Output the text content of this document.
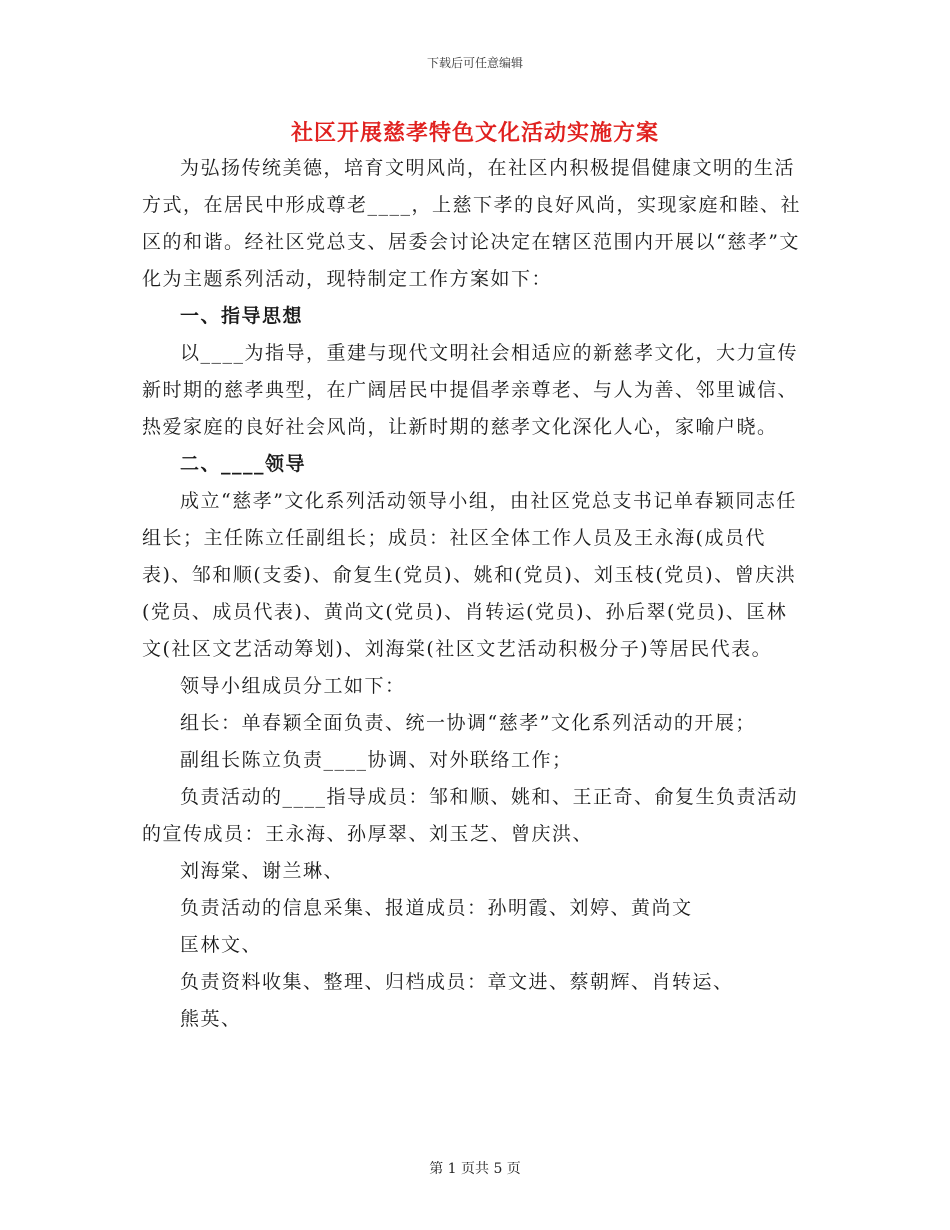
下载后可任意编辑
社区开展慈孝特色文化活动实施方案

为弘扬传统美德，培育文明风尚，在社区内积极提倡健康文明的生活方式，在居民中形成尊老____，上慈下孝的良好风尚，实现家庭和睦、社区的和谐。经社区党总支、居委会讨论决定在辖区范围内开展以“慈孝”文化为主题系列活动，现特制定工作方案如下：

一、指导思想

以____为指导，重建与现代文明社会相适应的新慈孝文化，大力宣传新时期的慈孝典型，在广阔居民中提倡孝亲尊老、与人为善、邻里诚信、热爱家庭的良好社会风尚，让新时期的慈孝文化深化人心，家喻户晓。

二、____领导

成立“慈孝”文化系列活动领导小组，由社区党总支书记单春颖同志任组长；主任陈立任副组长；成员：社区全体工作人员及王永海(成员代表)、邹和顺(支委)、俞复生(党员)、姚和(党员)、刘玉枝(党员)、曾庆洪(党员、成员代表)、黄尚文(党员)、肖转运(党员)、孙后翠(党员)、匡林文(社区文艺活动筹划)、刘海棠(社区文艺活动积极分子)等居民代表。

领导小组成员分工如下：

组长：单春颖全面负责、统一协调“慈孝”文化系列活动的开展；

副组长陈立负责____协调、对外联络工作；

负责活动的____指导成员：邹和顺、姚和、王正奇、俞复生负责活动的宣传成员：王永海、孙厚翠、刘玉芝、曾庆洪、

刘海棠、谢兰琳、

负责活动的信息采集、报道成员：孙明霞、刘婷、黄尚文

匡林文、

负责资料收集、整理、归档成员：章文进、蔡朝辉、肖转运、

熊英、

第 1 页共 5 页
